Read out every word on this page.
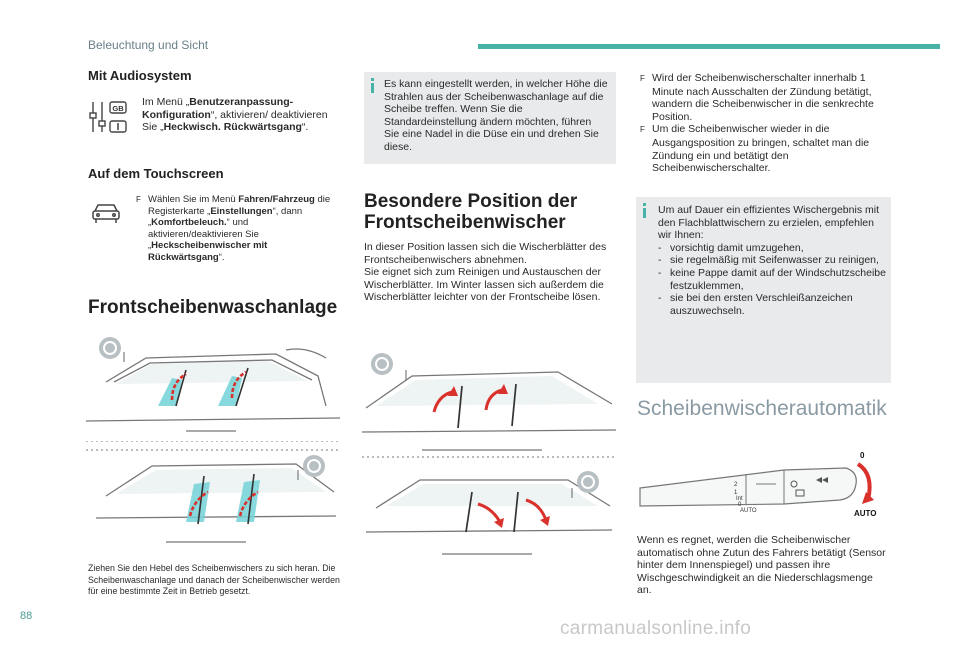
Beleuchtung und Sicht
Mit Audiosystem
GB
Im Menü „Benutzeranpassung-Konfiguration“, aktivieren/ deaktivieren Sie „Heckwisch. Rückwärtsgang“.
Auf dem Touchscreen
F Wählen Sie im Menü Fahren/Fahrzeug die Registerkarte „Einstellungen“, dann „Komfortbeleuch.“ und aktivieren/deaktivieren Sie „Heckscheibenwischer mit Rückwärtsgang“.
Frontscheibenwaschanlage
Ziehen Sie den Hebel des Scheibenwischers zu sich heran. Die Scheibenwaschanlage und danach der Scheibenwischer werden für eine bestimmte Zeit in Betrieb gesetzt.
Es kann eingestellt werden, in welcher Höhe die Strahlen aus der Scheibenwaschanlage auf die Scheibe treffen. Wenn Sie die Standardeinstellung ändern möchten, führen Sie eine Nadel in die Düse ein und drehen Sie diese.
Besondere Position der
Frontscheibenwischer
In dieser Position lassen sich die Wischerblätter des Frontscheibenwischers abnehmen.
Sie eignet sich zum Reinigen und Austauschen der Wischerblätter. Im Winter lassen sich außerdem die Wischerblätter leichter von der Frontscheibe lösen.
F Wird der Scheibenwischerschalter innerhalb 1 Minute nach Ausschalten der Zündung betätigt, wandern die Scheibenwischer in die senkrechte Position.
F Um die Scheibenwischer wieder in die Ausgangsposition zu bringen, schaltet man die Zündung ein und betätigt den Scheibenwischerschalter.
Um auf Dauer ein effizientes Wischergebnis mit den Flachblattwischern zu erzielen, empfehlen wir Ihnen:
- vorsichtig damit umzugehen,
- sie regelmäßig mit Seifenwasser zu reinigen,
- keine Pappe damit auf der Windschutzscheibe festzuklemmen,
- sie bei den ersten Verschleißanzeichen auszuwechseln.
Scheibenwischerautomatik
2
1
Int
0
AUTO
0
AUTO
Wenn es regnet, werden die Scheibenwischer automatisch ohne Zutun des Fahrers betätigt (Sensor hinter dem Innenspiegel) und passen ihre Wischgeschwindigkeit an die Niederschlagsmenge an.
88
carmanualsonline.info
